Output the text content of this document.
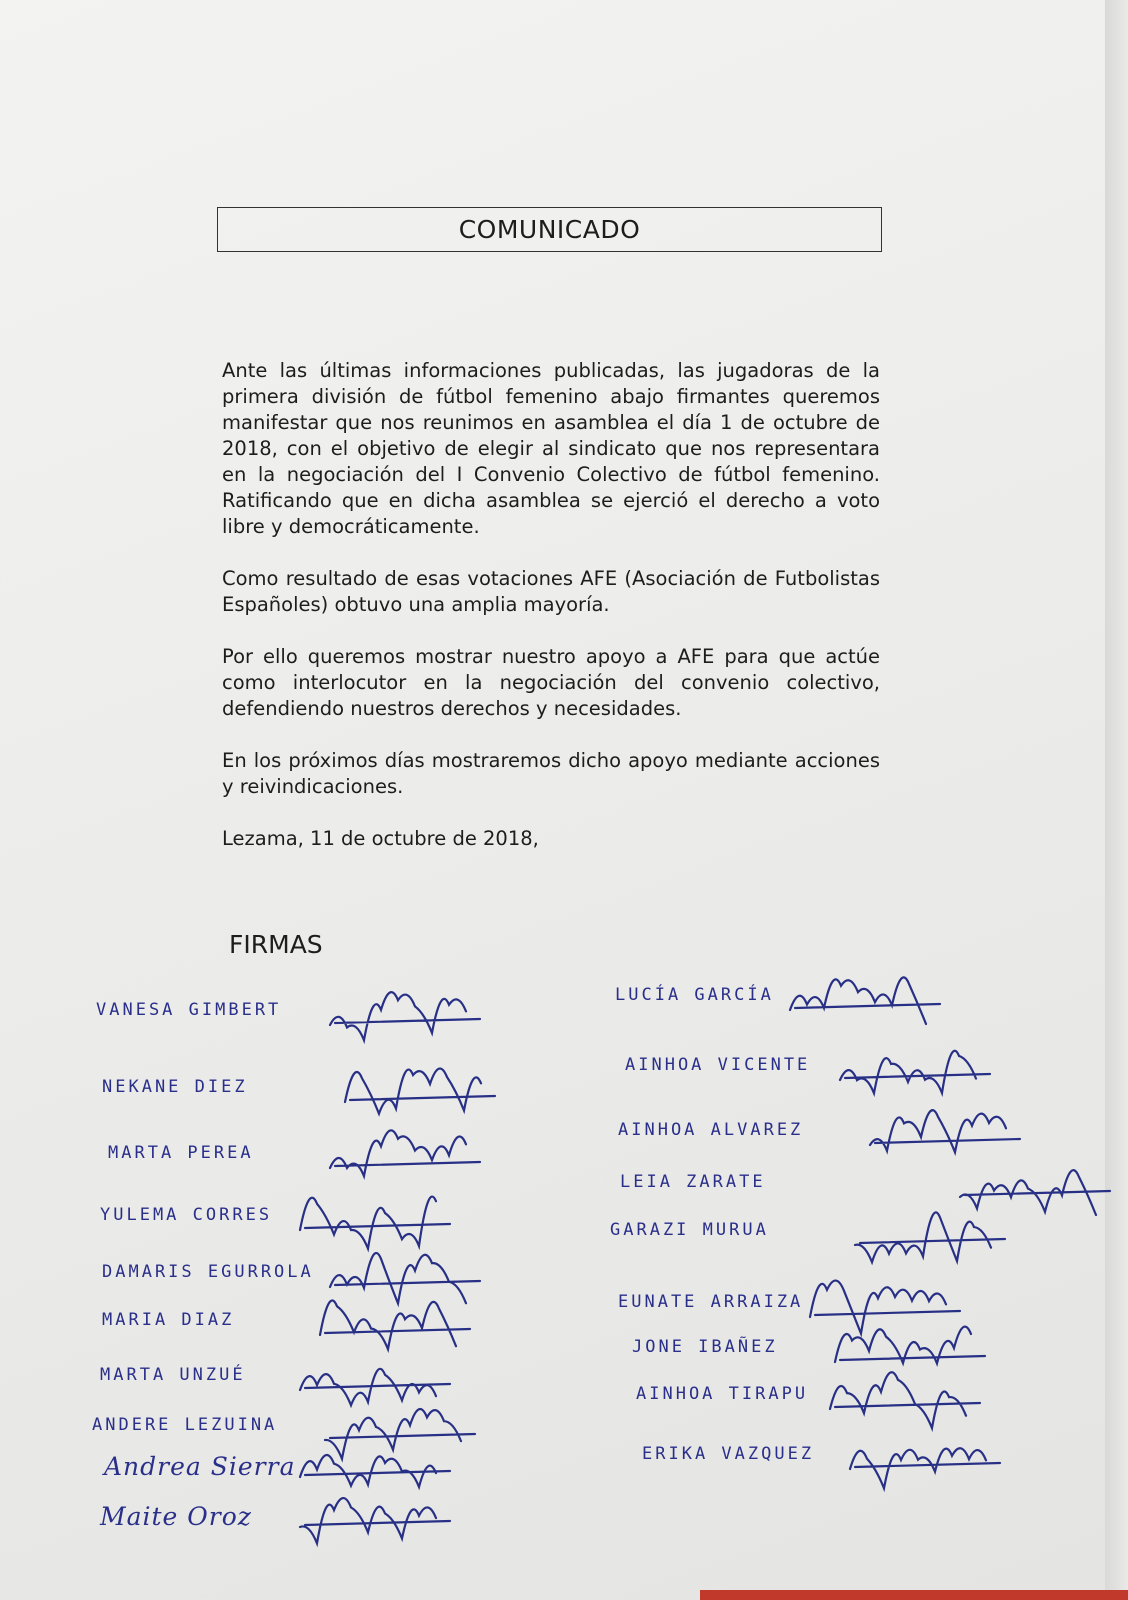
COMUNICADO

Ante las últimas informaciones publicadas, las jugadoras de la primera división de fútbol femenino abajo firmantes queremos manifestar que nos reunimos en asamblea el día 1 de octubre de 2018, con el objetivo de elegir al sindicato que nos representara en la negociación del I Convenio Colectivo de fútbol femenino. Ratificando que en dicha asamblea se ejerció el derecho a voto libre y democráticamente.

Como resultado de esas votaciones AFE (Asociación de Futbolistas Españoles) obtuvo una amplia mayoría.

Por ello queremos mostrar nuestro apoyo a AFE para que actúe como interlocutor en la negociación del convenio colectivo, defendiendo nuestros derechos y necesidades.

En los próximos días mostraremos dicho apoyo mediante acciones y reivindicaciones.

Lezama, 11 de octubre de 2018,

FIRMAS
VANESA GIMBERT
NEKANE DIEZ
MARTA PEREA
YULEMA CORRES
DAMARIS EGURROLA
MARIA DIAZ
MARTA UNZUÉ
ANDERE LEZUINA
Andrea Sierra
Maite Oroz
LUCÍA GARCÍA
AINHOA VICENTE
AINHOA ALVAREZ
LEIA ZARATE
GARAZI MURUA
EUNATE ARRAIZA
JONE IBAÑEZ
AINHOA TIRAPU
ERIKA VAZQUEZ
